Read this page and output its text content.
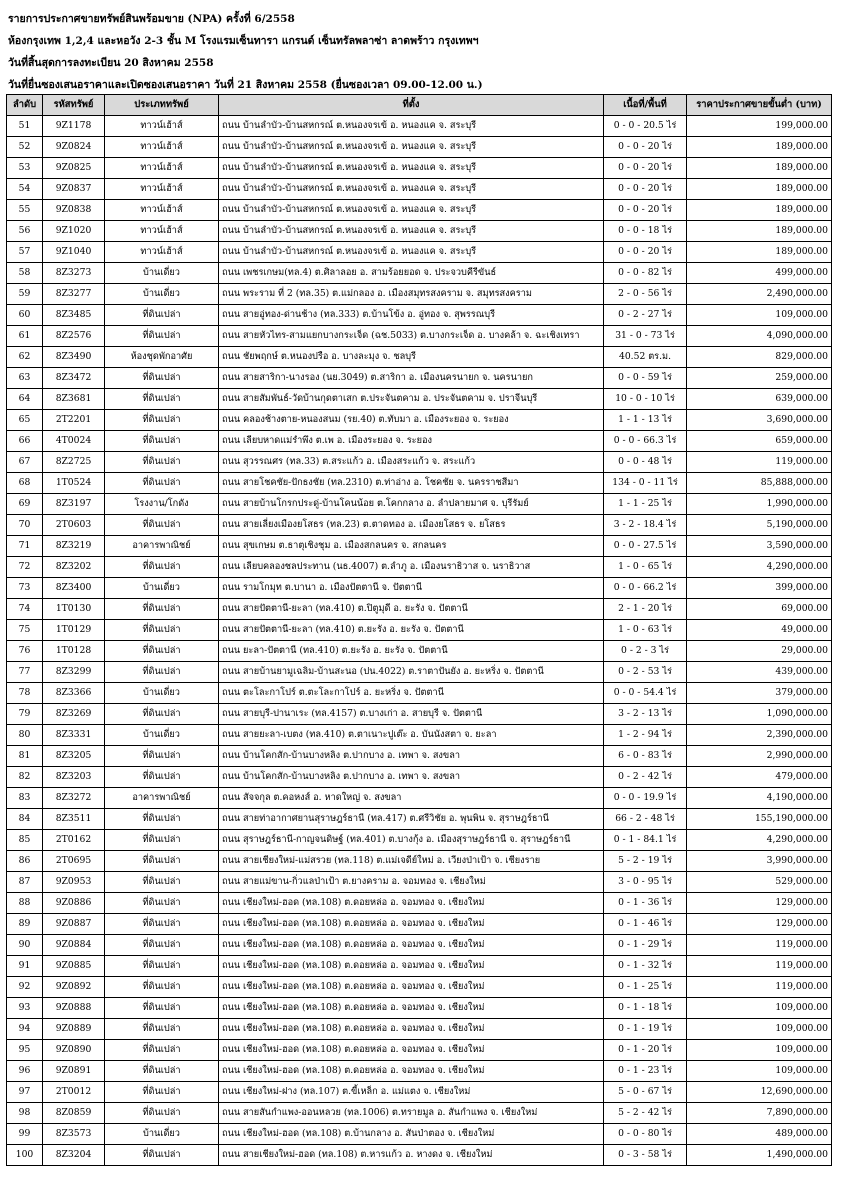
รายการประกาศขายทรัพย์สินพร้อมขาย (NPA) ครั้งที่ 6/2558
ห้องกรุงเทพ 1,2,4 และหอวัง 2-3 ชั้น M โรงแรมเซ็นทารา แกรนด์ เซ็นทรัลพลาซ่า ลาดพร้าว กรุงเทพฯ
วันที่สิ้นสุดการลงทะเบียน 20 สิงหาคม 2558
วันที่ยื่นซองเสนอราคาและเปิดซองเสนอราคา วันที่ 21 สิงหาคม 2558 (ยื่นซองเวลา 09.00-12.00 น.)
ลำดับ	รหัสทรัพย์	ประเภททรัพย์	ที่ตั้ง	เนื้อที่/พื้นที่	ราคาประกาศขายขั้นต่ำ (บาท)
51	9Z1178	ทาวน์เฮ้าส์	ถนน บ้านลำบัว-บ้านสหกรณ์ ต.หนองจรเข้ อ. หนองแค จ. สระบุรี	0 - 0 - 20.5 ไร่	199,000.00
52	9Z0824	ทาวน์เฮ้าส์	ถนน บ้านลำบัว-บ้านสหกรณ์ ต.หนองจรเข้ อ. หนองแค จ. สระบุรี	0 - 0 - 20 ไร่	189,000.00
53	9Z0825	ทาวน์เฮ้าส์	ถนน บ้านลำบัว-บ้านสหกรณ์ ต.หนองจรเข้ อ. หนองแค จ. สระบุรี	0 - 0 - 20 ไร่	189,000.00
54	9Z0837	ทาวน์เฮ้าส์	ถนน บ้านลำบัว-บ้านสหกรณ์ ต.หนองจรเข้ อ. หนองแค จ. สระบุรี	0 - 0 - 20 ไร่	189,000.00
55	9Z0838	ทาวน์เฮ้าส์	ถนน บ้านลำบัว-บ้านสหกรณ์ ต.หนองจรเข้ อ. หนองแค จ. สระบุรี	0 - 0 - 20 ไร่	189,000.00
56	9Z1020	ทาวน์เฮ้าส์	ถนน บ้านลำบัว-บ้านสหกรณ์ ต.หนองจรเข้ อ. หนองแค จ. สระบุรี	0 - 0 - 18 ไร่	189,000.00
57	9Z1040	ทาวน์เฮ้าส์	ถนน บ้านลำบัว-บ้านสหกรณ์ ต.หนองจรเข้ อ. หนองแค จ. สระบุรี	0 - 0 - 20 ไร่	189,000.00
58	8Z3273	บ้านเดี่ยว	ถนน เพชรเกษม(ทล.4) ต.ศิลาลอย อ. สามร้อยยอด จ. ประจวบคีรีขันธ์	0 - 0 - 82 ไร่	499,000.00
59	8Z3277	บ้านเดี่ยว	ถนน พระราม ที่ 2 (ทล.35) ต.แม่กลอง อ. เมืองสมุทรสงคราม จ. สมุทรสงคราม	2 - 0 - 56 ไร่	2,490,000.00
60	8Z3485	ที่ดินเปล่า	ถนน สายอู่ทอง-ด่านช้าง (ทล.333) ต.บ้านโข้ง อ. อู่ทอง จ. สุพรรณบุรี	0 - 2 - 27 ไร่	109,000.00
61	8Z2576	ที่ดินเปล่า	ถนน สายหัวไทร-สามแยกบางกระเจ็ด (ฉช.5033) ต.บางกระเจ็ด อ. บางคล้า จ. ฉะเชิงเทรา	31 - 0 - 73 ไร่	4,090,000.00
62	8Z3490	ห้องชุดพักอาศัย	ถนน ชัยพฤกษ์ ต.หนองปรือ อ. บางละมุง จ. ชลบุรี	40.52 ตร.ม.	829,000.00
63	8Z3472	ที่ดินเปล่า	ถนน สายสาริกา-นางรอง (นย.3049) ต.สาริกา อ. เมืองนครนายก จ. นครนายก	0 - 0 - 59 ไร่	259,000.00
64	8Z3681	ที่ดินเปล่า	ถนน สายสัมพันธ์-วัดบ้านกุดตาเสก ต.ประจันตคาม อ. ประจันตคาม จ. ปราจีนบุรี	10 - 0 - 10 ไร่	639,000.00
65	2T2201	ที่ดินเปล่า	ถนน คลองช้างตาย-หนองสนม (รย.40) ต.ทับมา อ. เมืองระยอง จ. ระยอง	1 - 1 - 13 ไร่	3,690,000.00
66	4T0024	ที่ดินเปล่า	ถนน เลียบหาดแม่รำพึง ต.เพ อ. เมืองระยอง จ. ระยอง	0 - 0 - 66.3 ไร่	659,000.00
67	8Z2725	ที่ดินเปล่า	ถนน สุวรรณศร (ทล.33) ต.สระแก้ว อ. เมืองสระแก้ว จ. สระแก้ว	0 - 0 - 48 ไร่	119,000.00
68	1T0524	ที่ดินเปล่า	ถนน สายโชคชัย-ปักธงชัย (ทล.2310) ต.ท่าอ่าง อ. โชคชัย จ. นครราชสีมา	134 - 0 - 11 ไร่	85,888,000.00
69	8Z3197	โรงงาน/โกดัง	ถนน สายบ้านโกรกประดู่-บ้านโคนน้อย ต.โคกกลาง อ. ลำปลายมาศ จ. บุรีรัมย์	1 - 1 - 25 ไร่	1,990,000.00
70	2T0603	ที่ดินเปล่า	ถนน สายเลี่ยงเมืองยโสธร (ทล.23) ต.ตาดทอง อ. เมืองยโสธร จ. ยโสธร	3 - 2 - 18.4 ไร่	5,190,000.00
71	8Z3219	อาคารพาณิชย์	ถนน สุขเกษม ต.ธาตุเชิงชุม อ. เมืองสกลนคร จ. สกลนคร	0 - 0 - 27.5 ไร่	3,590,000.00
72	8Z3202	ที่ดินเปล่า	ถนน เลียบคลองชลประทาน (นธ.4007) ต.ลำภู อ. เมืองนราธิวาส จ. นราธิวาส	1 - 0 - 65 ไร่	4,290,000.00
73	8Z3400	บ้านเดี่ยว	ถนน รามโกมุท ต.บานา อ. เมืองปัตตานี จ. ปัตตานี	0 - 0 - 66.2 ไร่	399,000.00
74	1T0130	ที่ดินเปล่า	ถนน สายปัตตานี-ยะลา (ทล.410) ต.ปิตูมุดี อ. ยะรัง จ. ปัตตานี	2 - 1 - 20 ไร่	69,000.00
75	1T0129	ที่ดินเปล่า	ถนน สายปัตตานี-ยะลา (ทล.410) ต.ยะรัง อ. ยะรัง จ. ปัตตานี	1 - 0 - 63 ไร่	49,000.00
76	1T0128	ที่ดินเปล่า	ถนน ยะลา-ปัตตานี (ทล.410) ต.ยะรัง อ. ยะรัง จ. ปัตตานี	0 - 2 - 3 ไร่	29,000.00
77	8Z3299	ที่ดินเปล่า	ถนน สายบ้านยามูเฉลิม-บ้านสะนอ (ปน.4022) ต.ราตาปันยัง อ. ยะหริ่ง จ. ปัตตานี	0 - 2 - 53 ไร่	439,000.00
78	8Z3366	บ้านเดี่ยว	ถนน ตะโละกาโปร์ ต.ตะโละกาโปร์ อ. ยะหริ่ง จ. ปัตตานี	0 - 0 - 54.4 ไร่	379,000.00
79	8Z3269	ที่ดินเปล่า	ถนน สายบุรี-ปานาเระ (ทล.4157) ต.บางเก่า อ. สายบุรี จ. ปัตตานี	3 - 2 - 13 ไร่	1,090,000.00
80	8Z3331	บ้านเดี่ยว	ถนน สายยะลา-เบตง (ทล.410) ต.ตาเนาะปูเต๊ะ อ. บันนังสตา จ. ยะลา	1 - 2 - 94 ไร่	2,390,000.00
81	8Z3205	ที่ดินเปล่า	ถนน บ้านโคกสัก-บ้านบางหลิง ต.ปากบาง อ. เทพา จ. สงขลา	6 - 0 - 83 ไร่	2,990,000.00
82	8Z3203	ที่ดินเปล่า	ถนน บ้านโคกสัก-บ้านบางหลิง ต.ปากบาง อ. เทพา จ. สงขลา	0 - 2 - 42 ไร่	479,000.00
83	8Z3272	อาคารพาณิชย์	ถนน สัจจกุล ต.คอหงส์ อ. หาดใหญ่ จ. สงขลา	0 - 0 - 19.9 ไร่	4,190,000.00
84	8Z3511	ที่ดินเปล่า	ถนน สายท่าอากาศยานสุราษฎร์ธานี (ทล.417) ต.ศรีวิชัย อ. พุนพิน จ. สุราษฎร์ธานี	66 - 2 - 48 ไร่	155,190,000.00
85	2T0162	ที่ดินเปล่า	ถนน สุราษฎร์ธานี-กาญจนดิษฐ์ (ทล.401) ต.บางกุ้ง อ. เมืองสุราษฎร์ธานี จ. สุราษฎร์ธานี	0 - 1 - 84.1 ไร่	4,290,000.00
86	2T0695	ที่ดินเปล่า	ถนน สายเชียงใหม่-แม่สรวย (ทล.118) ต.แม่เจดีย์ใหม่ อ. เวียงป่าเป้า จ. เชียงราย	5 - 2 - 19 ไร่	3,990,000.00
87	9Z0953	ที่ดินเปล่า	ถนน สายแม่ขาน-กิ่วแลป่าเป้า ต.ยางคราม อ. จอมทอง จ. เชียงใหม่	3 - 0 - 95 ไร่	529,000.00
88	9Z0886	ที่ดินเปล่า	ถนน เชียงใหม่-ฮอด (ทล.108) ต.ดอยหล่อ อ. จอมทอง จ. เชียงใหม่	0 - 1 - 36 ไร่	129,000.00
89	9Z0887	ที่ดินเปล่า	ถนน เชียงใหม่-ฮอด (ทล.108) ต.ดอยหล่อ อ. จอมทอง จ. เชียงใหม่	0 - 1 - 46 ไร่	129,000.00
90	9Z0884	ที่ดินเปล่า	ถนน เชียงใหม่-ฮอด (ทล.108) ต.ดอยหล่อ อ. จอมทอง จ. เชียงใหม่	0 - 1 - 29 ไร่	119,000.00
91	9Z0885	ที่ดินเปล่า	ถนน เชียงใหม่-ฮอด (ทล.108) ต.ดอยหล่อ อ. จอมทอง จ. เชียงใหม่	0 - 1 - 32 ไร่	119,000.00
92	9Z0892	ที่ดินเปล่า	ถนน เชียงใหม่-ฮอด (ทล.108) ต.ดอยหล่อ อ. จอมทอง จ. เชียงใหม่	0 - 1 - 25 ไร่	119,000.00
93	9Z0888	ที่ดินเปล่า	ถนน เชียงใหม่-ฮอด (ทล.108) ต.ดอยหล่อ อ. จอมทอง จ. เชียงใหม่	0 - 1 - 18 ไร่	109,000.00
94	9Z0889	ที่ดินเปล่า	ถนน เชียงใหม่-ฮอด (ทล.108) ต.ดอยหล่อ อ. จอมทอง จ. เชียงใหม่	0 - 1 - 19 ไร่	109,000.00
95	9Z0890	ที่ดินเปล่า	ถนน เชียงใหม่-ฮอด (ทล.108) ต.ดอยหล่อ อ. จอมทอง จ. เชียงใหม่	0 - 1 - 20 ไร่	109,000.00
96	9Z0891	ที่ดินเปล่า	ถนน เชียงใหม่-ฮอด (ทล.108) ต.ดอยหล่อ อ. จอมทอง จ. เชียงใหม่	0 - 1 - 23 ไร่	109,000.00
97	2T0012	ที่ดินเปล่า	ถนน เชียงใหม่-ฝาง (ทล.107) ต.ขี้เหล็ก อ. แม่แตง จ. เชียงใหม่	5 - 0 - 67 ไร่	12,690,000.00
98	8Z0859	ที่ดินเปล่า	ถนน สายสันกำแพง-ออนหลวย (ทล.1006) ต.ทรายมูล อ. สันกำแพง จ. เชียงใหม่	5 - 2 - 42 ไร่	7,890,000.00
99	8Z3573	บ้านเดี่ยว	ถนน เชียงใหม่-ฮอด (ทล.108) ต.บ้านกลาง อ. สันป่าตอง จ. เชียงใหม่	0 - 0 - 80 ไร่	489,000.00
100	8Z3204	ที่ดินเปล่า	ถนน สายเชียงใหม่-ฮอด (ทล.108) ต.หารแก้ว อ. หางดง จ. เชียงใหม่	0 - 3 - 58 ไร่	1,490,000.00
